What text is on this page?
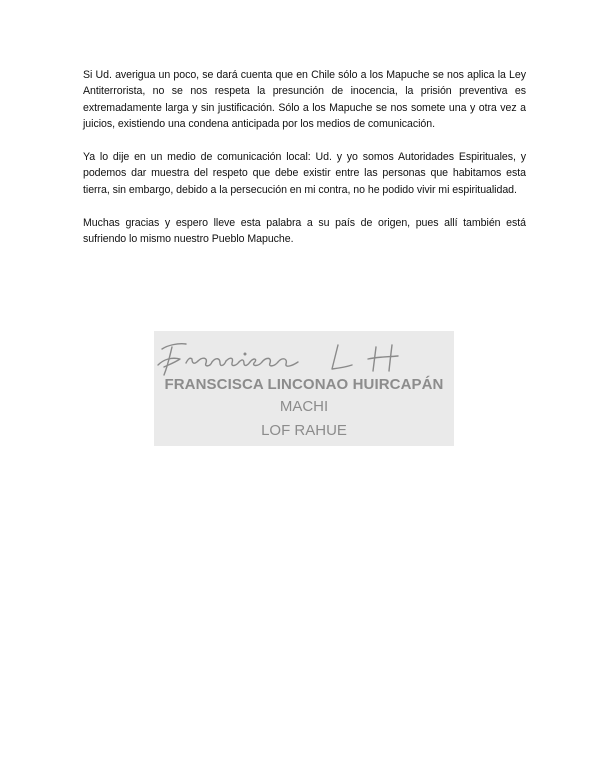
Si Ud. averigua un poco, se dará cuenta que en Chile sólo a los Mapuche se nos aplica la Ley Antiterrorista, no se nos respeta la presunción de inocencia, la prisión preventiva es extremadamente larga y sin justificación. Sólo a los Mapuche se nos somete una y otra vez a juicios, existiendo una condena anticipada por los medios de comunicación.

Ya lo dije en un medio de comunicación local: Ud. y yo somos Autoridades Espirituales, y podemos dar muestra del respeto que debe existir entre las personas que habitamos esta tierra, sin embargo, debido a la persecución en mi contra, no he podido vivir mi espiritualidad.

Muchas gracias y espero lleve esta palabra a su país de origen, pues allí también está sufriendo lo mismo nuestro Pueblo Mapuche.

FRANSCISCA LINCONAO HUIRCAPÁN
MACHI
LOF RAHUE
